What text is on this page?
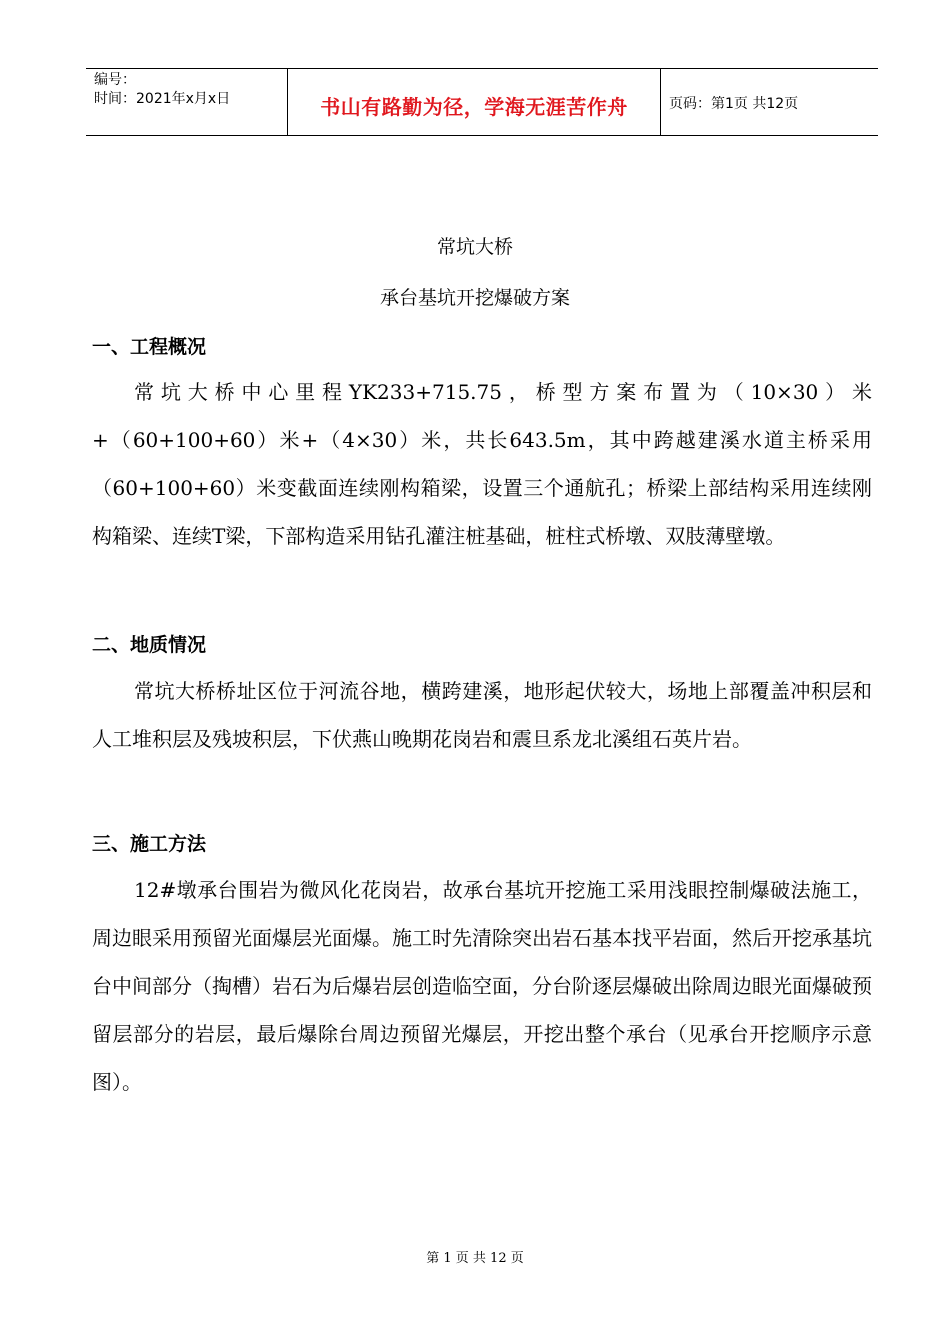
编号：
时间：2021年x月x日	书山有路勤为径，学海无涯苦作舟	页码：第1页 共12页
常坑大桥
承台基坑开挖爆破方案
一、工程概况

常坑大桥中心里程YK233+715.75，桥型方案布置为（10×30）米+（60+100+60）米+（4×30）米，共长643.5m，其中跨越建溪水道主桥采用（60+100+60）米变截面连续刚构箱梁，设置三个通航孔；桥梁上部结构采用连续刚构箱梁、连续T梁，下部构造采用钻孔灌注桩基础，桩柱式桥墩、双肢薄壁墩。

二、地质情况

常坑大桥桥址区位于河流谷地，横跨建溪，地形起伏较大，场地上部覆盖冲积层和人工堆积层及残坡积层，下伏燕山晚期花岗岩和震旦系龙北溪组石英片岩。

三、施工方法

12#墩承台围岩为微风化花岗岩，故承台基坑开挖施工采用浅眼控制爆破法施工，周边眼采用预留光面爆层光面爆。施工时先清除突出岩石基本找平岩面，然后开挖承基坑台中间部分（掏槽）岩石为后爆岩层创造临空面，分台阶逐层爆破出除周边眼光面爆破预留层部分的岩层，最后爆除台周边预留光爆层，开挖出整个承台（见承台开挖顺序示意图）。

第 1 页 共 12 页
